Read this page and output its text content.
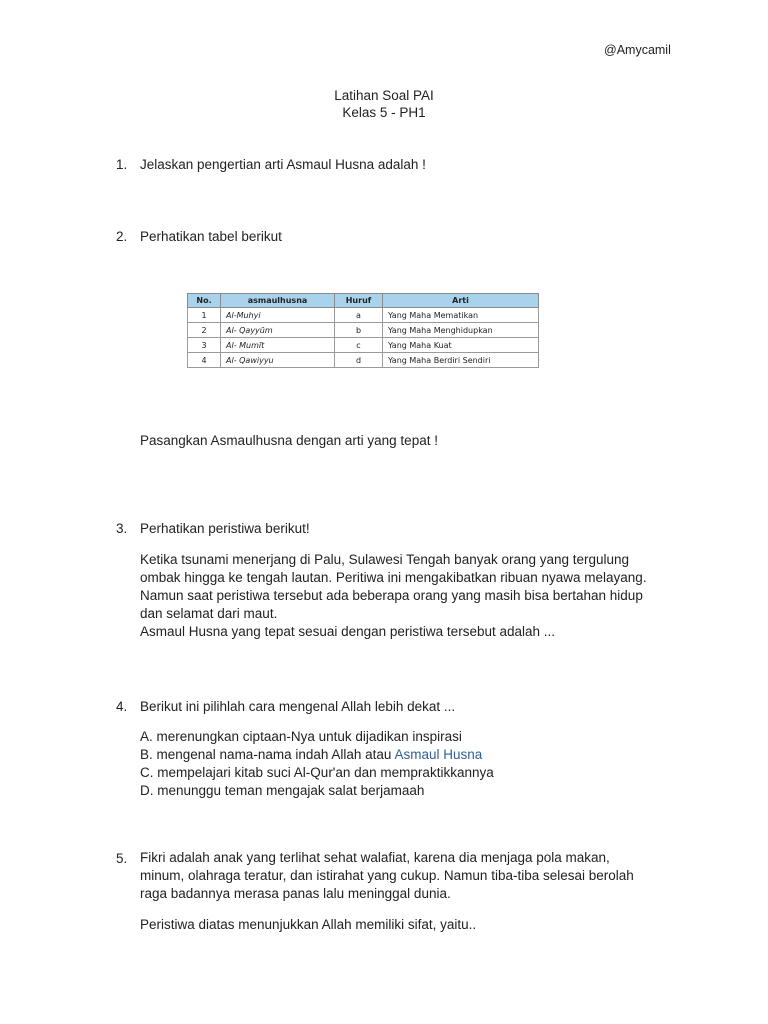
@Amycamil
Latihan Soal PAI
Kelas 5 - PH1
1. Jelaskan pengertian arti Asmaul Husna adalah !
2. Perhatikan tabel berikut
No.	asmaulhusna	Huruf	Arti
1	Al-Muhyi	a	Yang Maha Mematikan
2	Al- Qayyūm	b	Yang Maha Menghidupkan
3	Al- Mumīt	c	Yang Maha Kuat
4	Al- Qawiyyu	d	Yang Maha Berdiri Sendiri
Pasangkan Asmaulhusna dengan arti yang tepat !
3. Perhatikan peristiwa berikut!
Ketika tsunami menerjang di Palu, Sulawesi Tengah banyak orang yang tergulung
ombak hingga ke tengah lautan. Peritiwa ini mengakibatkan ribuan nyawa melayang.
Namun saat peristiwa tersebut ada beberapa orang yang masih bisa bertahan hidup
dan selamat dari maut.
Asmaul Husna yang tepat sesuai dengan peristiwa tersebut adalah ...
4. Berikut ini pilihlah cara mengenal Allah lebih dekat ...
A. merenungkan ciptaan-Nya untuk dijadikan inspirasi
B. mengenal nama-nama indah Allah atau Asmaul Husna
C. mempelajari kitab suci Al-Qur'an dan mempraktikkannya
D. menunggu teman mengajak salat berjamaah
5. Fikri adalah anak yang terlihat sehat walafiat, karena dia menjaga pola makan,
minum, olahraga teratur, dan istirahat yang cukup. Namun tiba-tiba selesai berolah
raga badannya merasa panas lalu meninggal dunia.
Peristiwa diatas menunjukkan Allah memiliki sifat, yaitu..
